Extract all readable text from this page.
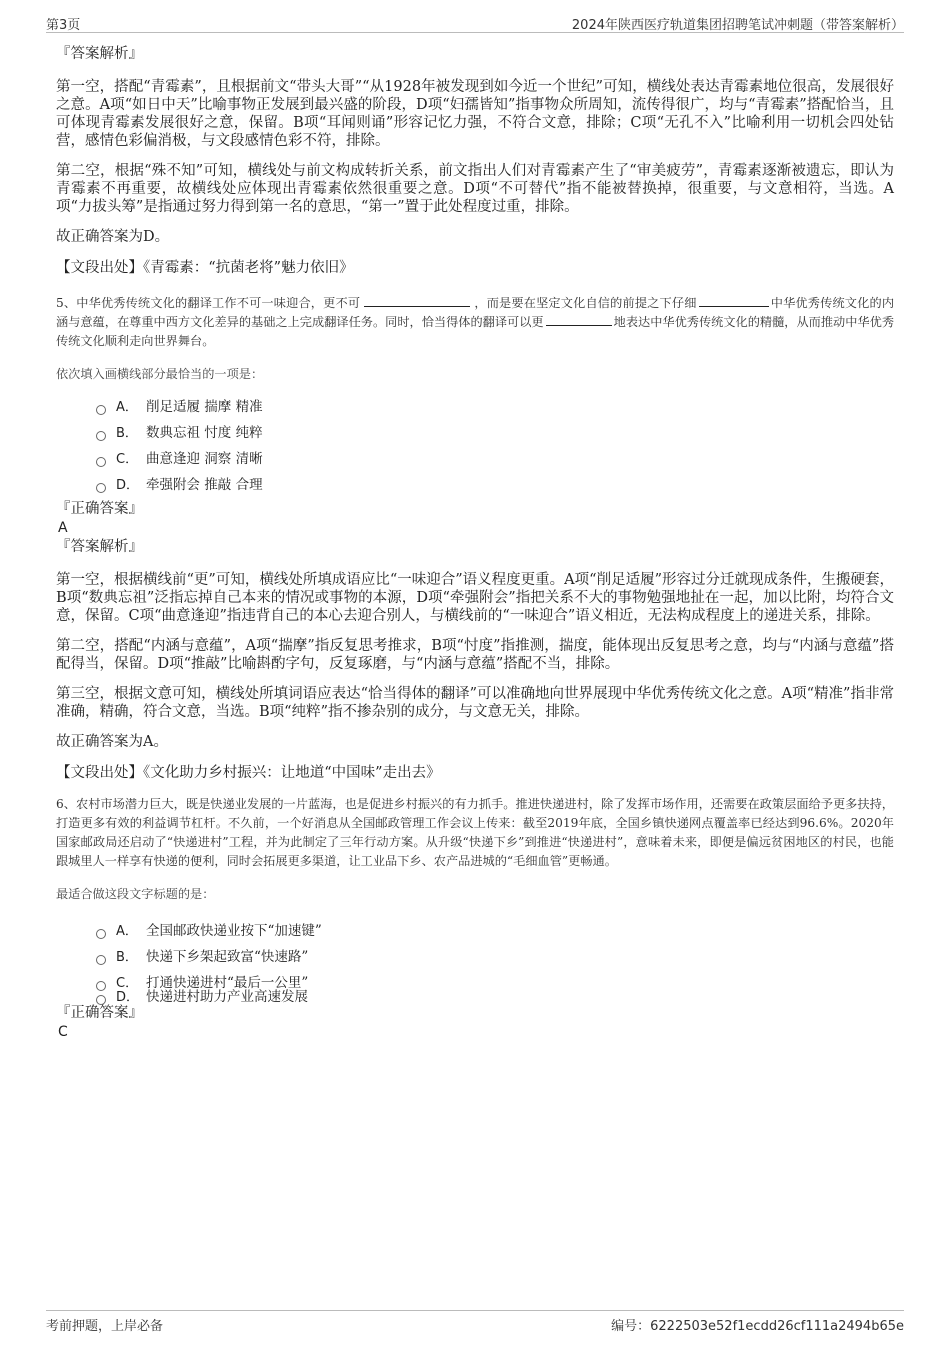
第3页	2024年陕西医疗轨道集团招聘笔试冲刺题（带答案解析）

『答案解析』

第一空，搭配“青霉素”，且根据前文“带头大哥”“从1928年被发现到如今近一个世纪”可知，横线处表达青霉素地位很高，发展很好之意。A项“如日中天”比喻事物正发展到最兴盛的阶段，D项“妇孺皆知”指事物众所周知，流传得很广，均与“青霉素”搭配恰当，且可体现青霉素发展很好之意，保留。B项“耳闻则诵”形容记忆力强，不符合文意，排除；C项“无孔不入”比喻利用一切机会四处钻营，感情色彩偏消极，与文段感情色彩不符，排除。

第二空，根据“殊不知”可知，横线处与前文构成转折关系，前文指出人们对青霉素产生了“审美疲劳”，青霉素逐渐被遗忘，即认为青霉素不再重要，故横线处应体现出青霉素依然很重要之意。D项“不可替代”指不能被替换掉，很重要，与文意相符，当选。A项“力拔头筹”是指通过努力得到第一名的意思，“第一”置于此处程度过重，排除。

故正确答案为D。

【文段出处】《青霉素：“抗菌老将”魅力依旧》

5、中华优秀传统文化的翻译工作不可一味迎合，更不可	，而是要在坚定文化自信的前提之下仔细	中华优秀传统文化的内涵与意蕴，在尊重中西方文化差异的基础之上完成翻译任务。同时，恰当得体的翻译可以更	地表达中华优秀传统文化的精髓，从而推动中华优秀传统文化顺利走向世界舞台。

依次填入画横线部分最恰当的一项是：

A． 削足适履 揣摩 精准
B． 数典忘祖 忖度 纯粹
C． 曲意逢迎 洞察 清晰
D． 牵强附会 推敲 合理

『正确答案』

A

『答案解析』

第一空，根据横线前“更”可知，横线处所填成语应比“一味迎合”语义程度更重。A项“削足适履”形容过分迁就现成条件，生搬硬套，B项“数典忘祖”泛指忘掉自己本来的情况或事物的本源，D项“牵强附会”指把关系不大的事物勉强地扯在一起，加以比附，均符合文意，保留。C项“曲意逢迎”指违背自己的本心去迎合别人，与横线前的“一味迎合”语义相近，无法构成程度上的递进关系，排除。

第二空，搭配“内涵与意蕴”，A项“揣摩”指反复思考推求，B项“忖度”指推测，揣度，能体现出反复思考之意，均与“内涵与意蕴”搭配得当，保留。D项“推敲”比喻斟酌字句，反复琢磨，与“内涵与意蕴”搭配不当，排除。

第三空，根据文意可知，横线处所填词语应表达“恰当得体的翻译”可以准确地向世界展现中华优秀传统文化之意。A项“精准”指非常准确，精确，符合文意，当选。B项“纯粹”指不掺杂别的成分，与文意无关，排除。

故正确答案为A。

【文段出处】《文化助力乡村振兴：让地道“中国味”走出去》

6、农村市场潜力巨大，既是快递业发展的一片蓝海，也是促进乡村振兴的有力抓手。推进快递进村，除了发挥市场作用，还需要在政策层面给予更多扶持，打造更多有效的利益调节杠杆。不久前，一个好消息从全国邮政管理工作会议上传来：截至2019年底，全国乡镇快递网点覆盖率已经达到96.6%。2020年国家邮政局还启动了“快递进村”工程，并为此制定了三年行动方案。从升级“快递下乡”到推进“快递进村”，意味着未来，即便是偏远贫困地区的村民，也能跟城里人一样享有快递的便利，同时会拓展更多渠道，让工业品下乡、农产品进城的“毛细血管”更畅通。

最适合做这段文字标题的是：

A． 全国邮政快递业按下“加速键”
B． 快递下乡架起致富“快速路”
C． 打通快递进村“最后一公里”
D． 快递进村助力产业高速发展

『正确答案』

C

考前押题，上岸必备	编号：6222503e52f1ecdd26cf111a2494b65e
